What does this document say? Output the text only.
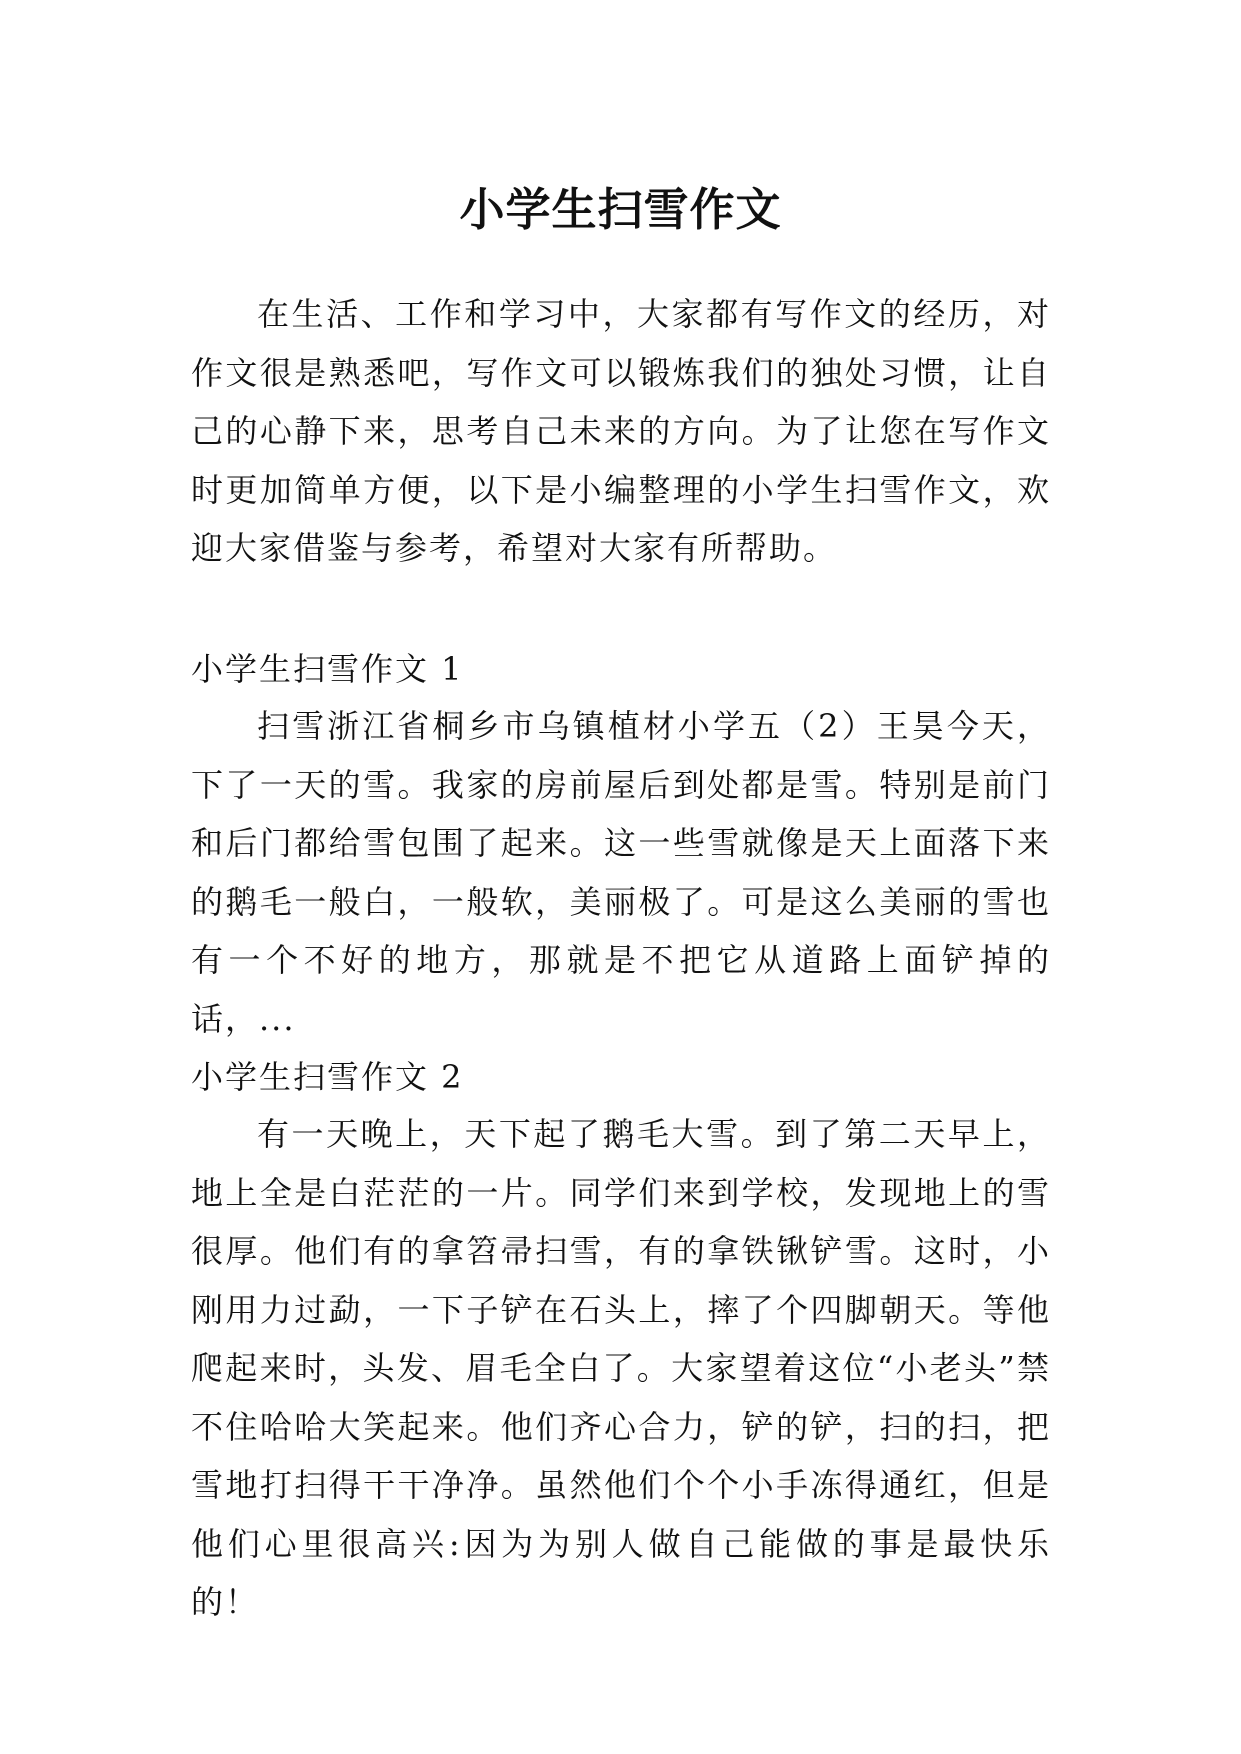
小学生扫雪作文

在生活、工作和学习中，大家都有写作文的经历，对作文很是熟悉吧，写作文可以锻炼我们的独处习惯，让自己的心静下来，思考自己未来的方向。为了让您在写作文时更加简单方便，以下是小编整理的小学生扫雪作文，欢迎大家借鉴与参考，希望对大家有所帮助。

小学生扫雪作文 1

扫雪浙江省桐乡市乌镇植材小学五（2）王昊今天，下了一天的雪。我家的房前屋后到处都是雪。特别是前门和后门都给雪包围了起来。这一些雪就像是天上面落下来的鹅毛一般白，一般软，美丽极了。可是这么美丽的雪也有一个不好的地方，那就是不把它从道路上面铲掉的话，...

小学生扫雪作文 2

有一天晚上，天下起了鹅毛大雪。到了第二天早上，地上全是白茫茫的一片。同学们来到学校，发现地上的雪很厚。他们有的拿笤帚扫雪，有的拿铁锹铲雪。这时，小刚用力过勐，一下子铲在石头上，摔了个四脚朝天。等他爬起来时，头发、眉毛全白了。大家望着这位“小老头”禁不住哈哈大笑起来。他们齐心合力，铲的铲，扫的扫，把雪地打扫得干干净净。虽然他们个个小手冻得通红，但是他们心里很高兴:因为为别人做自己能做的事是最快乐的！
